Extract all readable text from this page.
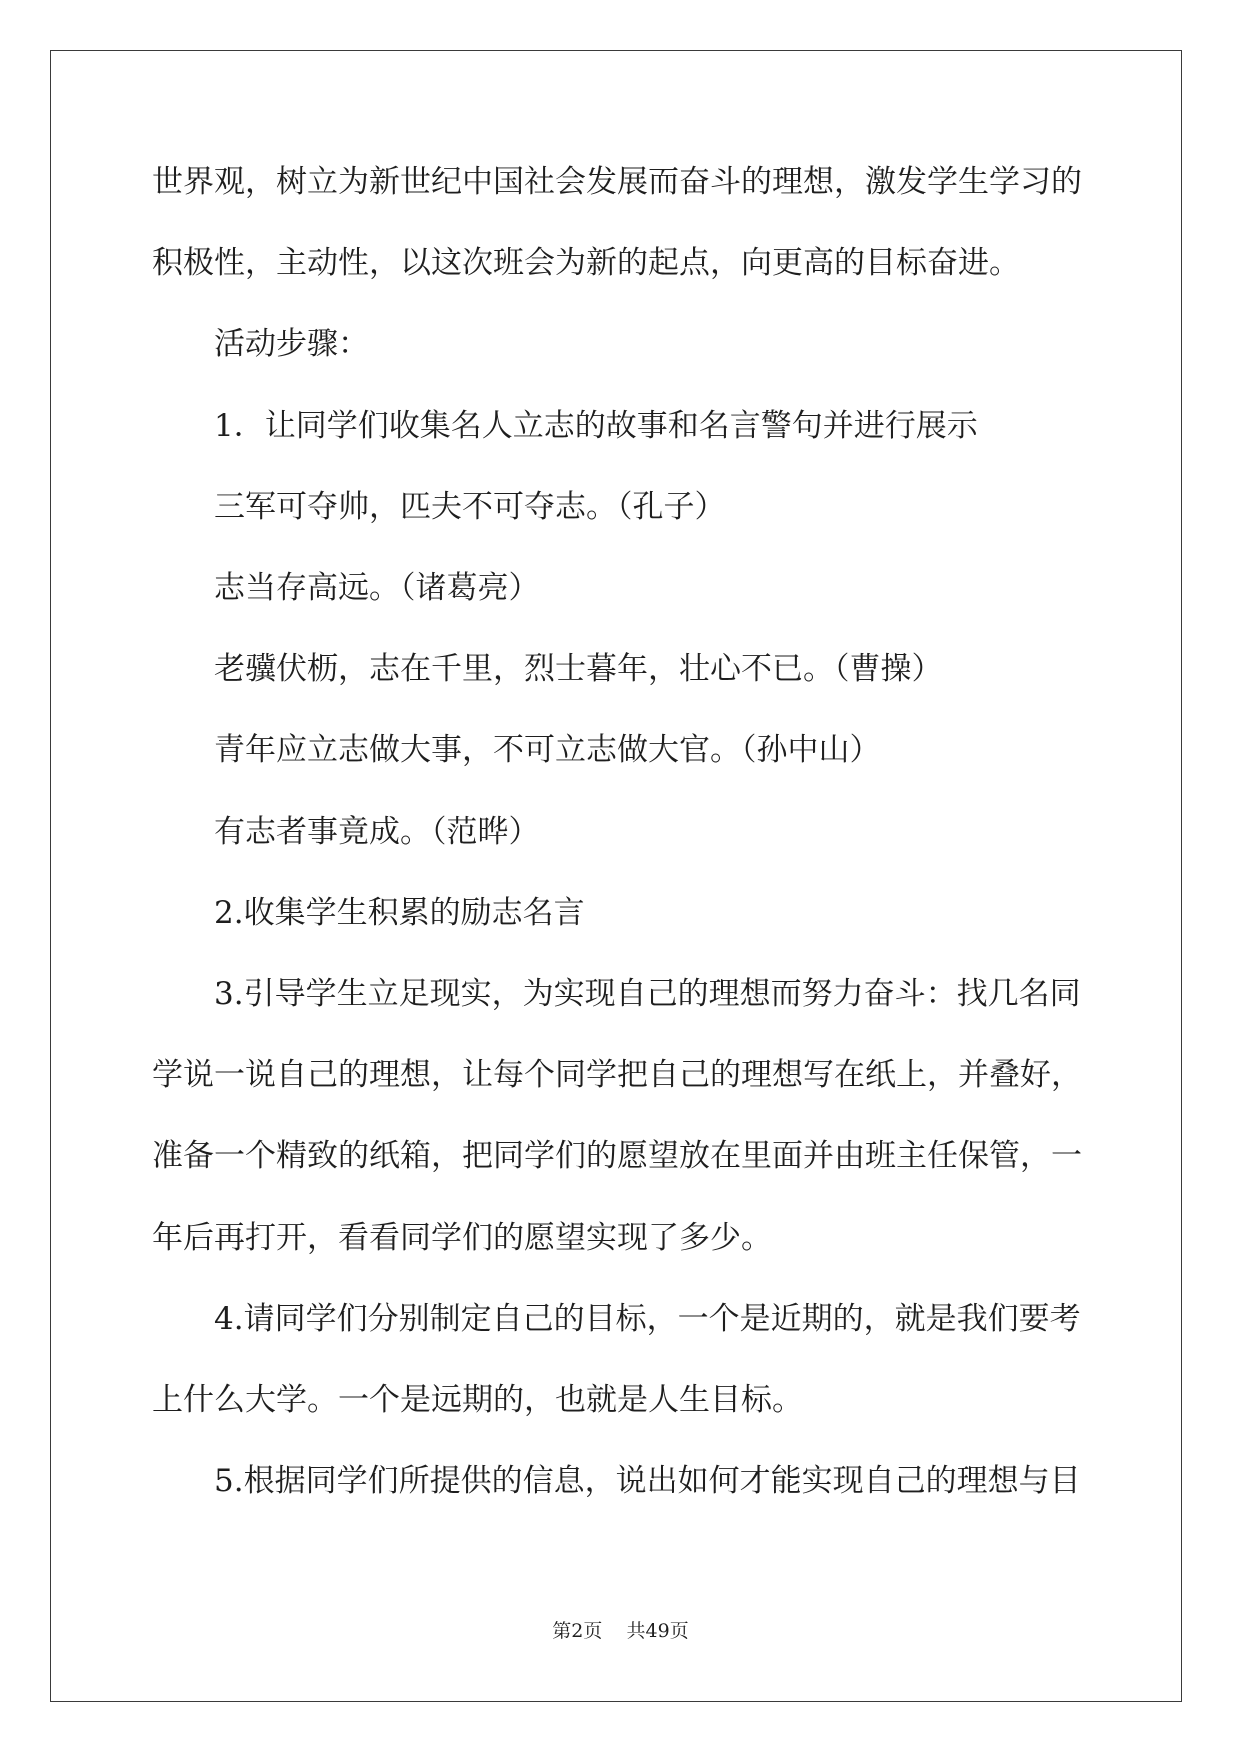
世界观，树立为新世纪中国社会发展而奋斗的理想，激发学生学习的
积极性，主动性，以这次班会为新的起点，向更高的目标奋进。
活动步骤：
1．让同学们收集名人立志的故事和名言警句并进行展示
三军可夺帅，匹夫不可夺志。（孔子）
志当存高远。（诸葛亮）
老骥伏枥，志在千里，烈士暮年，壮心不已。（曹操）
青年应立志做大事，不可立志做大官。（孙中山）
有志者事竟成。（范晔）
2.收集学生积累的励志名言
3.引导学生立足现实，为实现自己的理想而努力奋斗：找几名同
学说一说自己的理想，让每个同学把自己的理想写在纸上，并叠好，
准备一个精致的纸箱，把同学们的愿望放在里面并由班主任保管，一
年后再打开，看看同学们的愿望实现了多少。
4.请同学们分别制定自己的目标，一个是近期的，就是我们要考
上什么大学。一个是远期的，也就是人生目标。
5.根据同学们所提供的信息，说出如何才能实现自己的理想与目
第2页 共49页
